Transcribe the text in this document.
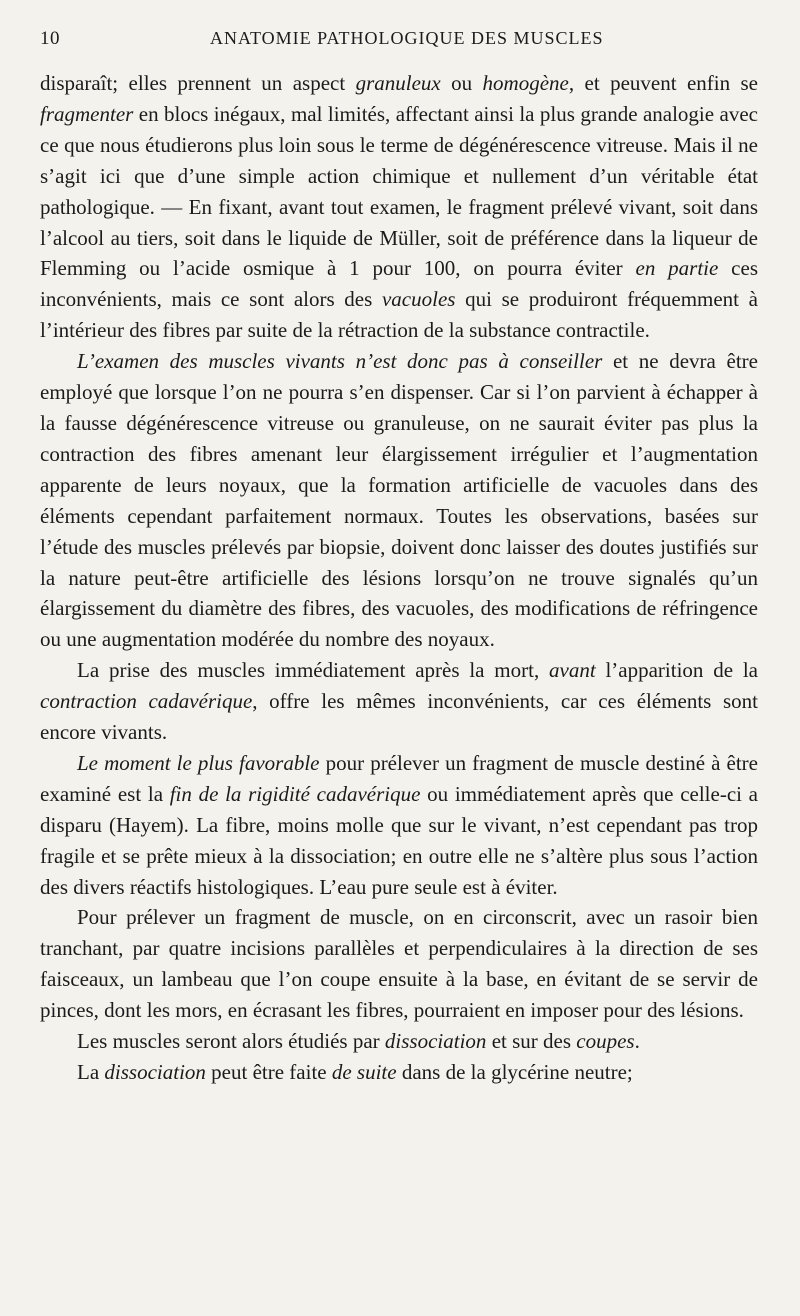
10	ANATOMIE PATHOLOGIQUE DES MUSCLES

disparaît; elles prennent un aspect granuleux ou homogène, et peuvent enfin se fragmenter en blocs inégaux, mal limités, affectant ainsi la plus grande analogie avec ce que nous étudierons plus loin sous le terme de dégénérescence vitreuse. Mais il ne s’agit ici que d’une simple action chimique et nullement d’un véritable état pathologique. — En fixant, avant tout examen, le fragment prélevé vivant, soit dans l’alcool au tiers, soit dans le liquide de Müller, soit de préférence dans la liqueur de Flemming ou l’acide osmique à 1 pour 100, on pourra éviter en partie ces inconvénients, mais ce sont alors des vacuoles qui se produiront fréquemment à l’intérieur des fibres par suite de la rétraction de la substance contractile.

L’examen des muscles vivants n’est donc pas à conseiller et ne devra être employé que lorsque l’on ne pourra s’en dispenser. Car si l’on parvient à échapper à la fausse dégénérescence vitreuse ou granuleuse, on ne saurait éviter pas plus la contraction des fibres amenant leur élargissement irrégulier et l’augmentation apparente de leurs noyaux, que la formation artificielle de vacuoles dans des éléments cependant parfaitement normaux. Toutes les observations, basées sur l’étude des muscles prélevés par biopsie, doivent donc laisser des doutes justifiés sur la nature peut-être artificielle des lésions lorsqu’on ne trouve signalés qu’un élargissement du diamètre des fibres, des vacuoles, des modifications de réfringence ou une augmentation modérée du nombre des noyaux.

La prise des muscles immédiatement après la mort, avant l’apparition de la contraction cadavérique, offre les mêmes inconvénients, car ces éléments sont encore vivants.

Le moment le plus favorable pour prélever un fragment de muscle destiné à être examiné est la fin de la rigidité cadavérique ou immédiatement après que celle-ci a disparu (Hayem). La fibre, moins molle que sur le vivant, n’est cependant pas trop fragile et se prête mieux à la dissociation; en outre elle ne s’altère plus sous l’action des divers réactifs histologiques. L’eau pure seule est à éviter.

Pour prélever un fragment de muscle, on en circonscrit, avec un rasoir bien tranchant, par quatre incisions parallèles et perpendiculaires à la direction de ses faisceaux, un lambeau que l’on coupe ensuite à la base, en évitant de se servir de pinces, dont les mors, en écrasant les fibres, pourraient en imposer pour des lésions.

Les muscles seront alors étudiés par dissociation et sur des coupes.

La dissociation peut être faite de suite dans de la glycérine neutre;
